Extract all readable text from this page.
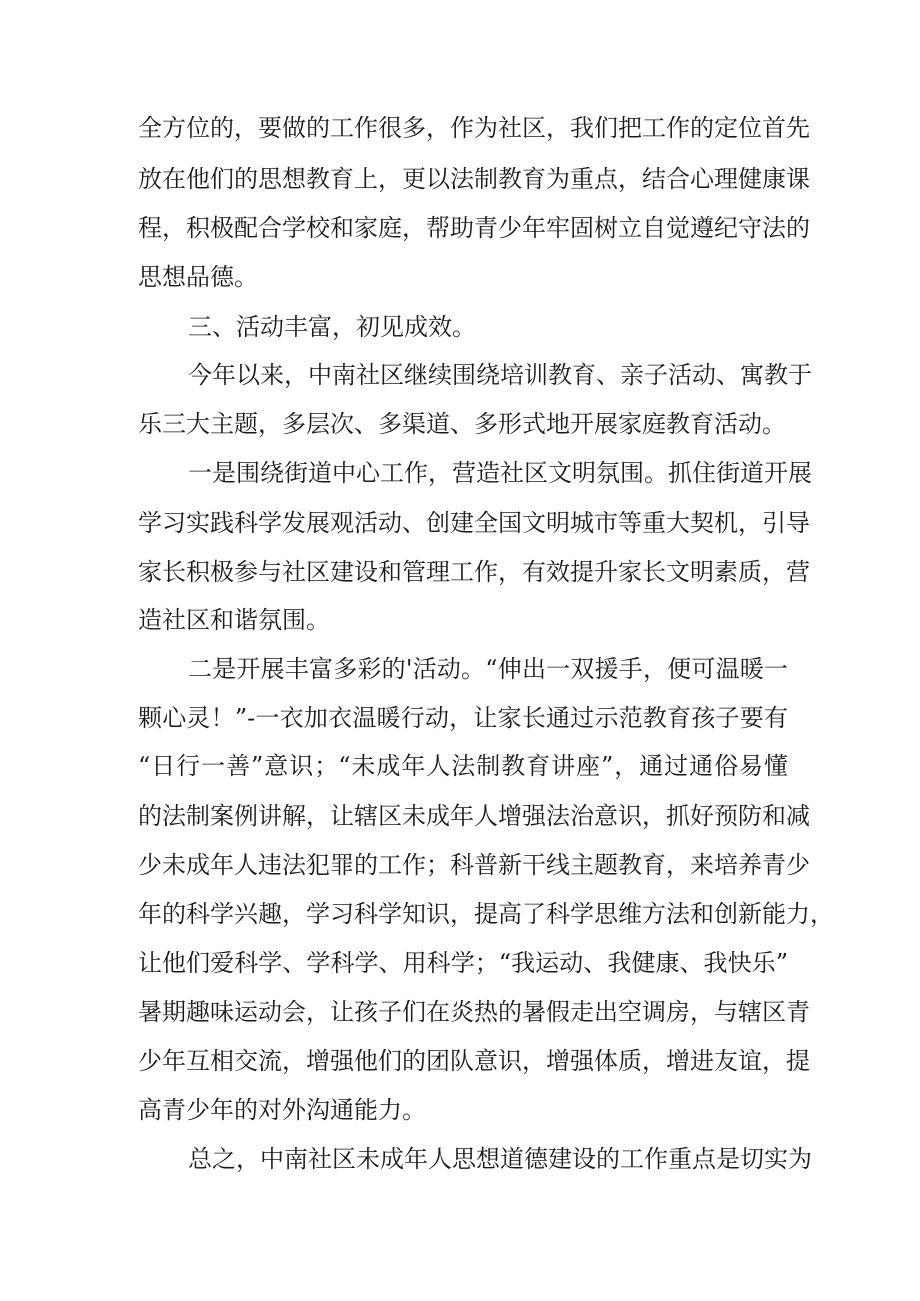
全方位的，要做的工作很多，作为社区，我们把工作的定位首先
放在他们的思想教育上，更以法制教育为重点，结合心理健康课
程，积极配合学校和家庭，帮助青少年牢固树立自觉遵纪守法的
思想品德。
三、活动丰富，初见成效。
今年以来，中南社区继续围绕培训教育、亲子活动、寓教于
乐三大主题，多层次、多渠道、多形式地开展家庭教育活动。
一是围绕街道中心工作，营造社区文明氛围。抓住街道开展
学习实践科学发展观活动、创建全国文明城市等重大契机，引导
家长积极参与社区建设和管理工作，有效提升家长文明素质，营
造社区和谐氛围。
二是开展丰富多彩的'活动。“伸出一双援手，便可温暖一
颗心灵！”-一衣加衣温暖行动，让家长通过示范教育孩子要有
“日行一善”意识；“未成年人法制教育讲座”，通过通俗易懂
的法制案例讲解，让辖区未成年人增强法治意识，抓好预防和减
少未成年人违法犯罪的工作；科普新干线主题教育，来培养青少
年的科学兴趣，学习科学知识，提高了科学思维方法和创新能力，
让他们爱科学、学科学、用科学；“我运动、我健康、我快乐”
暑期趣味运动会，让孩子们在炎热的暑假走出空调房，与辖区青
少年互相交流，增强他们的团队意识，增强体质，增进友谊，提
高青少年的对外沟通能力。
总之，中南社区未成年人思想道德建设的工作重点是切实为
